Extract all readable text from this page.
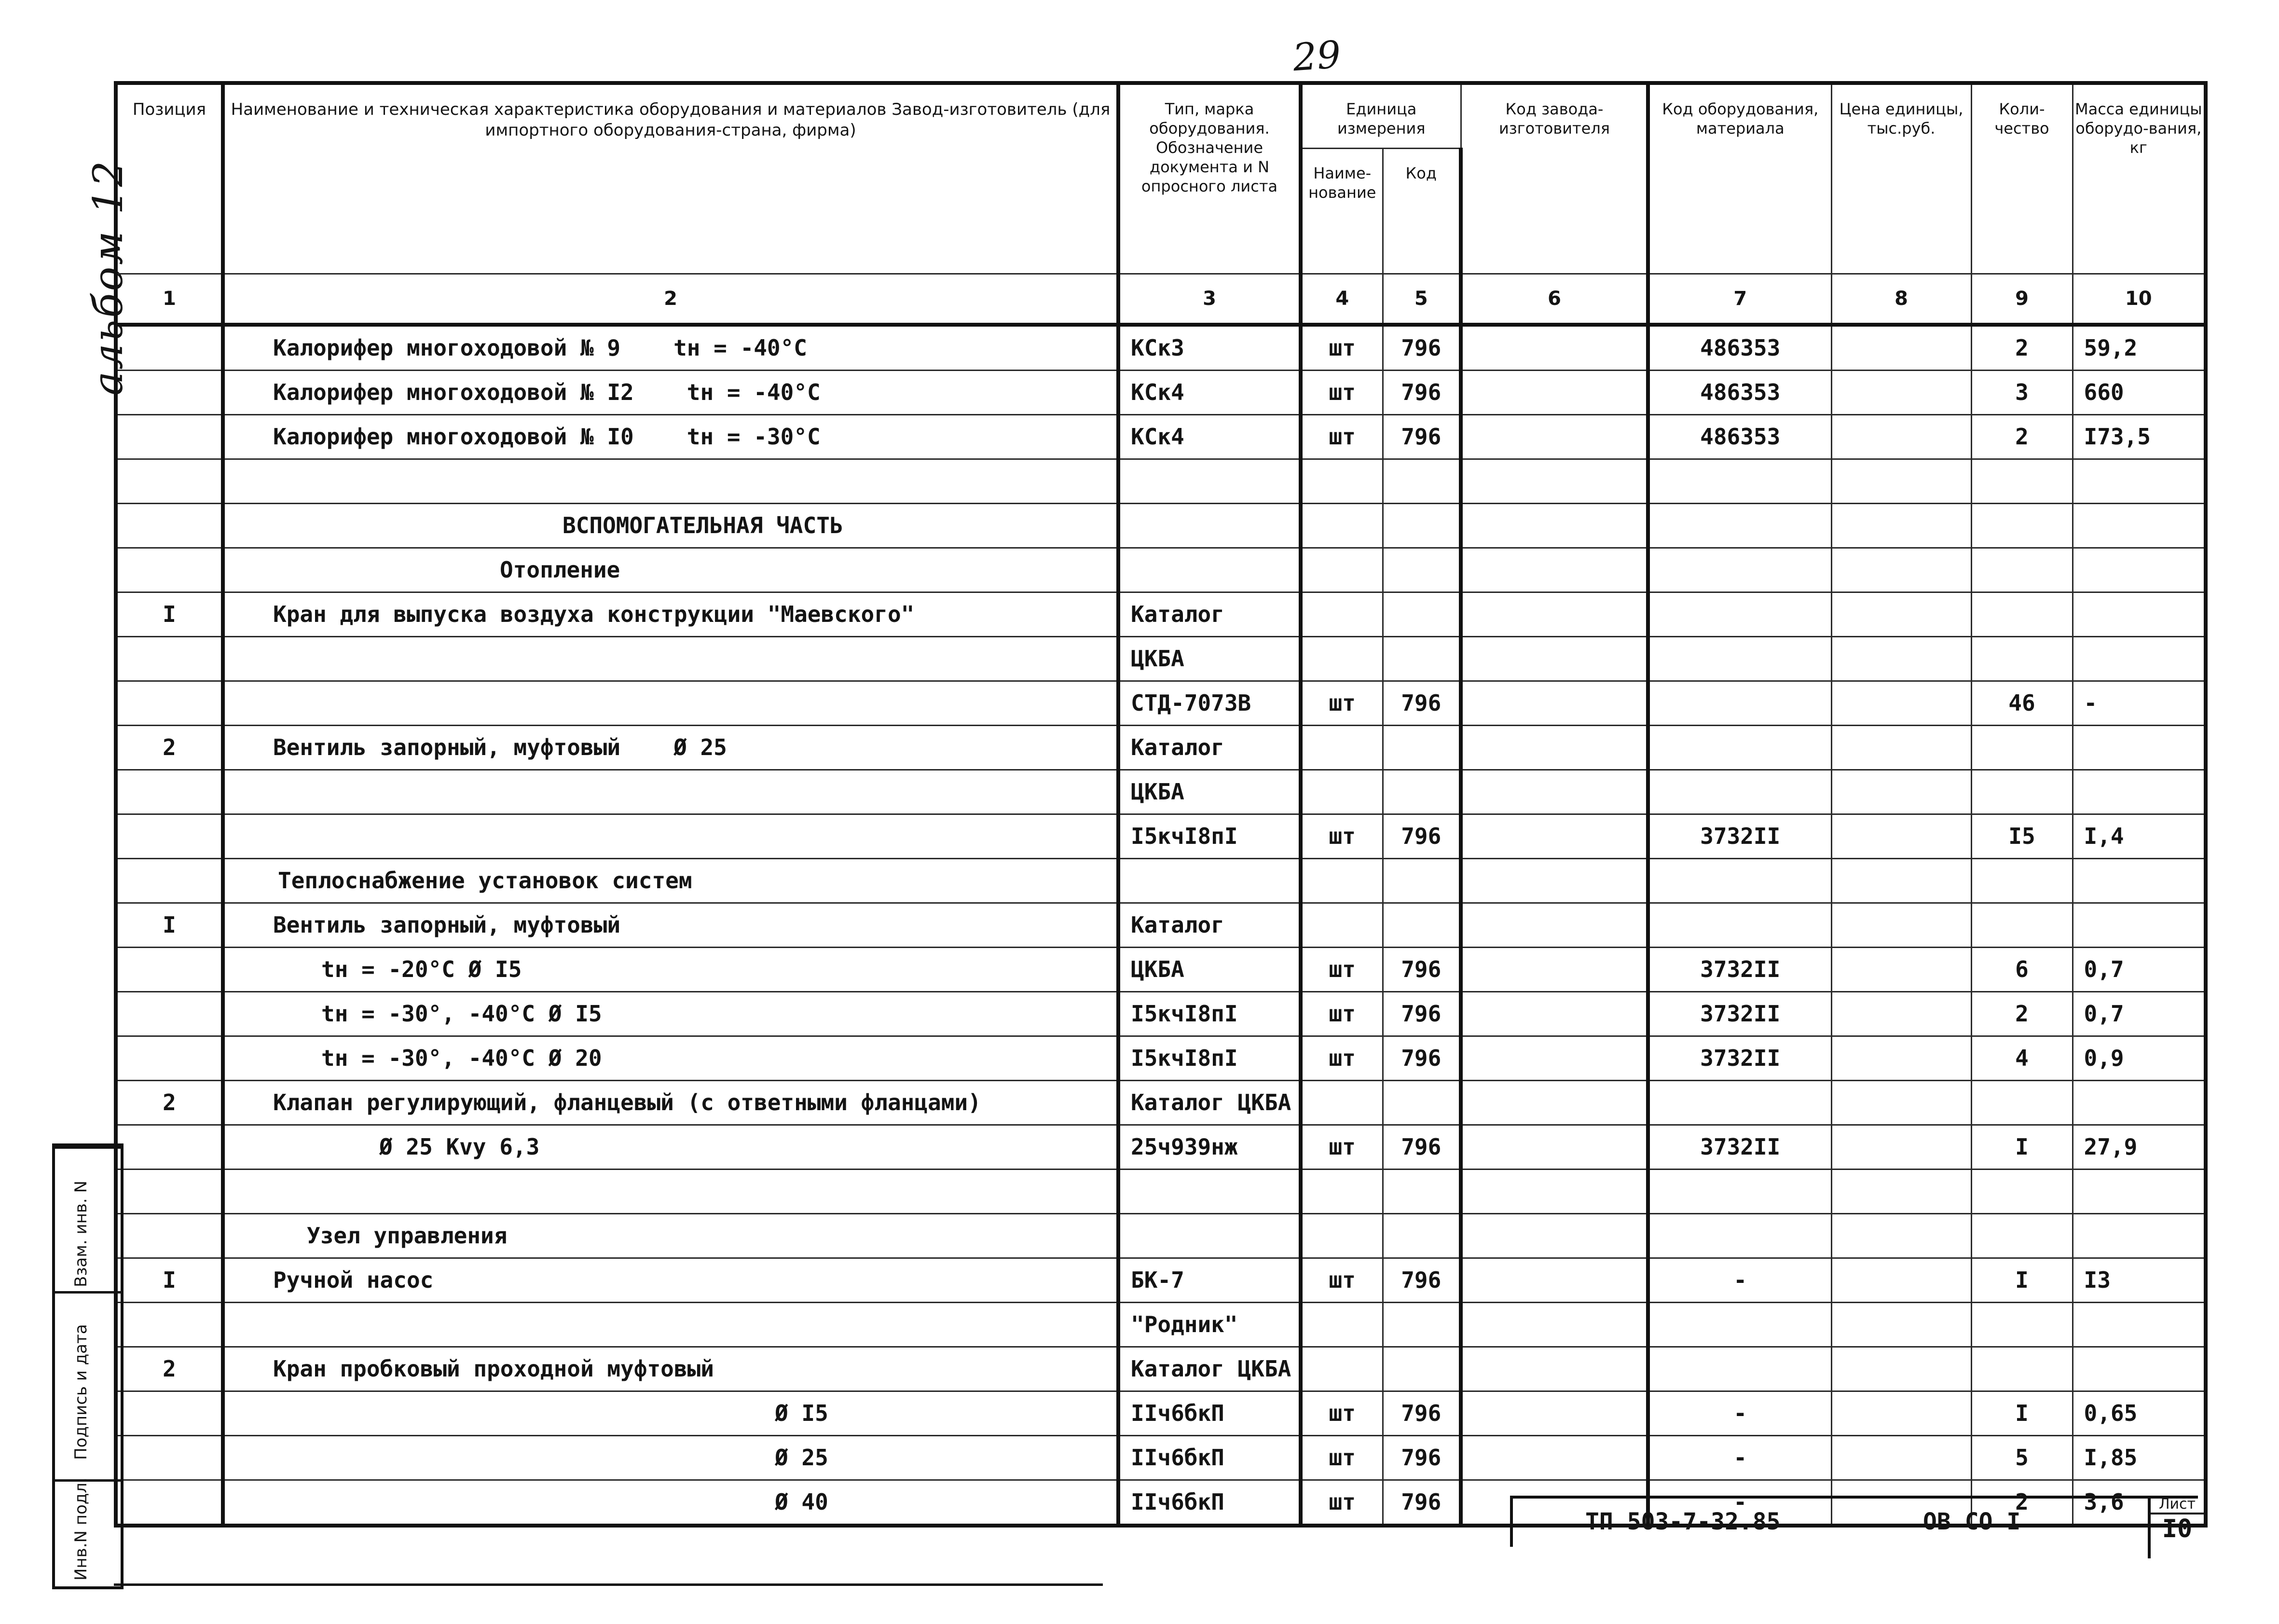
29
альбом 12
Позиция	Наименование и техническая характеристика оборудования и материалов Завод-изготовитель (для импортного оборудования-страна, фирма)	Тип, марка оборудования. Обозначение документа и N опросного листа	Единица измерения		Код завода-изготовителя	Код оборудования, материала	Цена единицы, тыс.руб.	Коли-чество	Масса единицы оборудо-вания, кг
			Наиме-нование	Код					
1	2	3	4	5	6	7	8	9	10
	Калорифер многоходовой № 9 tн = -40°С	КСк3	шт	796		486353		2	59,2
	Калорифер многоходовой № I2 tн = -40°С	КСк4	шт	796		486353		3	660
	Калорифер многоходовой № I0 tн = -30°С	КСк4	шт	796		486353		2	I73,5

	ВСПОМОГАТЕЛЬНАЯ ЧАСТЬ								
	Отопление								
I	Кран для выпуска воздуха конструкции "Маевского"	Каталог							
		ЦКБА							
		СТД-7073В	шт	796				46	-
2	Вентиль запорный, муфтовый Ø 25	Каталог							
		ЦКБА							
		I5кчI8пI	шт	796		3732II		I5	I,4
	Теплоснабжение установок систем								
I	Вентиль запорный, муфтовый	Каталог							
	tн = -20°С Ø I5	ЦКБА	шт	796		3732II		6	0,7
	tн = -30°, -40°С Ø I5	I5кчI8пI	шт	796		3732II		2	0,7
	tн = -30°, -40°С Ø 20	I5кчI8пI	шт	796		3732II		4	0,9
2	Клапан регулирующий, фланцевый (с ответными фланцами)	Каталог ЦКБА							
	Ø 25 Kvy 6,3	25ч939нж	шт	796		3732II		I	27,9

	Узел управления								
I	Ручной насос	БК-7	шт	796		-		I	I3
		"Родник"							
2	Кран пробковый проходной муфтовый	Каталог ЦКБА							
	Ø I5	IIч6бкП	шт	796		-		I	0,65
	Ø 25	IIч6бкП	шт	796		-		5	I,85
	Ø 40	IIч6бкП	шт	796		-		2	3,6
Взам. инв. N
Подпись и дата
Инв.N подл.	ТП 503-7-32.85	ОВ СО I
Лист
I0
